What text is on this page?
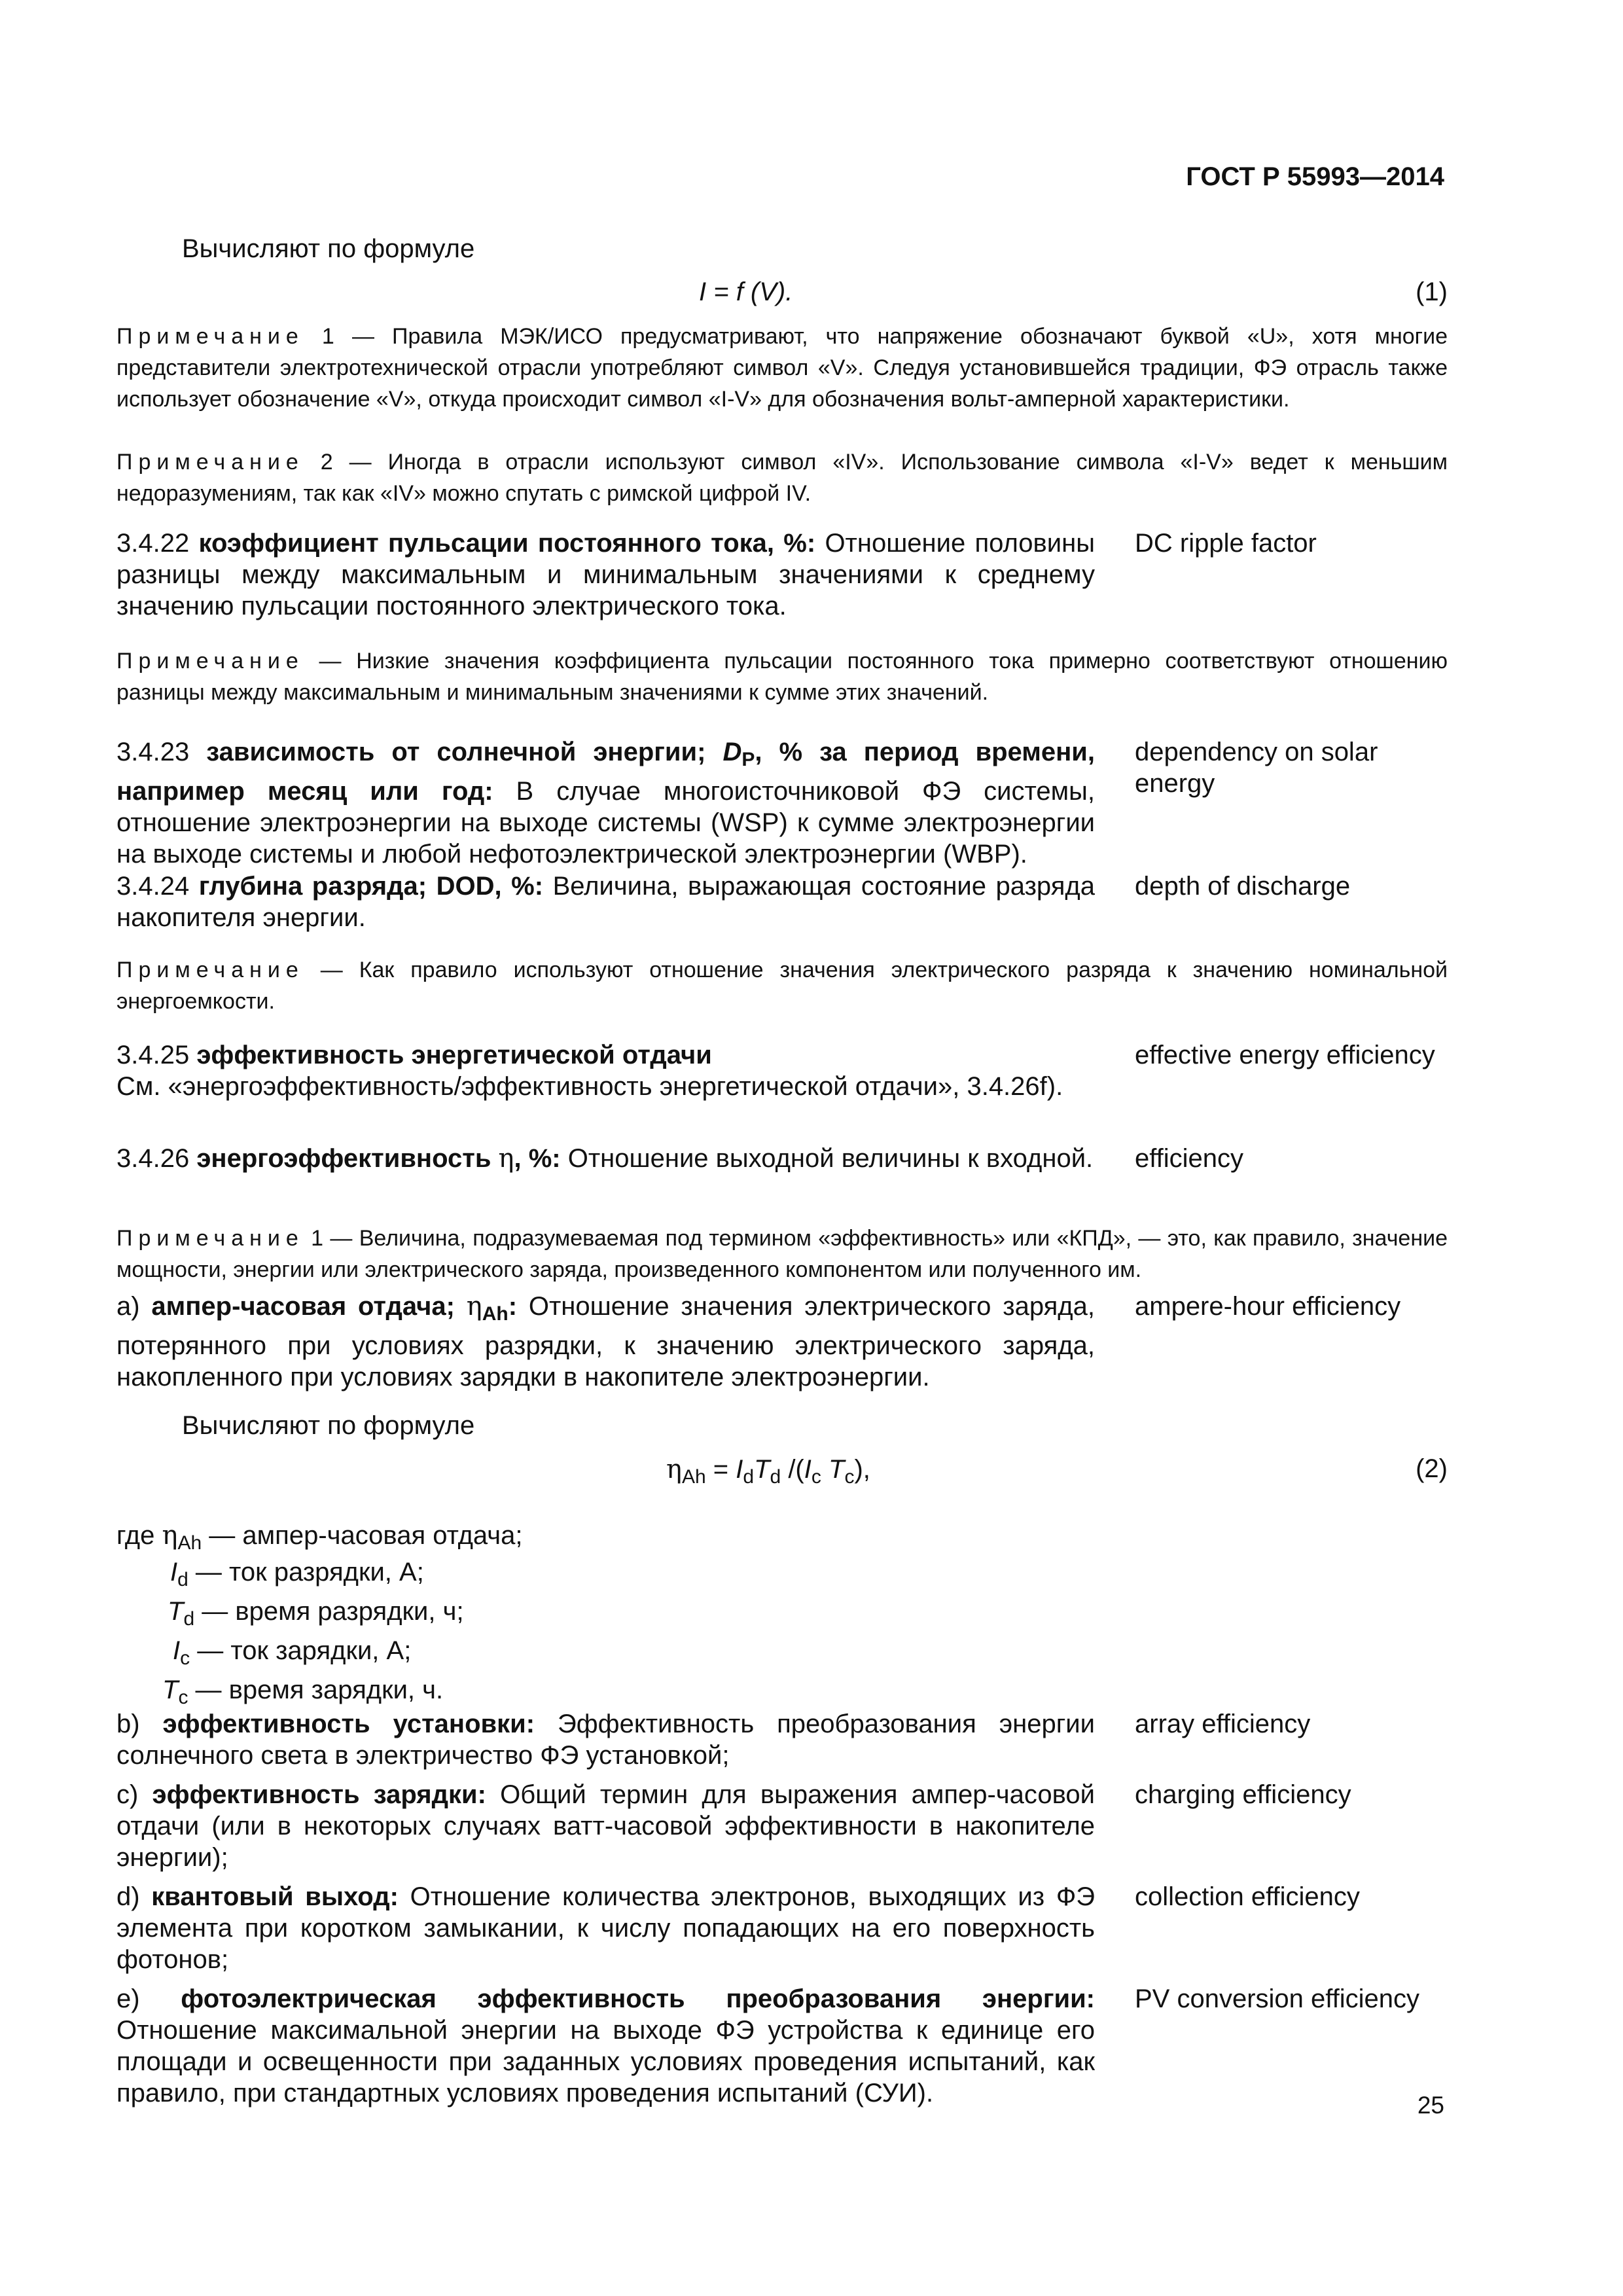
ГОСТ Р 55993—2014
Вычисляют по формуле
I = f (V).	(1)
Примечание 1 — Правила МЭК/ИСО предусматривают, что напряжение обозначают буквой «U», хотя многие представители электротехнической отрасли употребляют символ «V». Следуя установившейся традиции, ФЭ отрасль также использует обозначение «V», откуда происходит символ «I-V» для обозначения вольт-амперной характеристики.
Примечание 2 — Иногда в отрасли используют символ «IV». Использование символа «I-V» ведет к меньшим недоразумениям, так как «IV» можно спутать с римской цифрой IV.
3.4.22 коэффициент пульсации постоянного тока, %: Отношение половины разницы между максимальным и минимальным значениями к среднему значению пульсации постоянного электрического тока.
DC ripple factor
Примечание — Низкие значения коэффициента пульсации постоянного тока примерно соответствуют отношению разницы между максимальным и минимальным значениями к сумме этих значений.
3.4.23 зависимость от солнечной энергии; $D_P$, % за период времени, например месяц или год: В случае многоисточниковой ФЭ системы, отношение электроэнергии на выходе системы (WSP) к сумме электроэнергии на выходе системы и любой нефотоэлектрической электроэнергии (WBP).
dependency on solar
energy
3.4.24 глубина разряда; DOD, %: Величина, выражающая состояние разряда накопителя энергии.
depth of discharge
Примечание — Как правило используют отношение значения электрического разряда к значению номинальной энергоемкости.
3.4.25 эффективность энергетической отдачи
См. «энергоэффективность/эффективность энергетической отдачи», 3.4.26f).
effective energy efficiency
3.4.26 энергоэффективность η, %: Отношение выходной величины к входной. efficiency
Примечание 1 — Величина, подразумеваемая под термином «эффективность» или «КПД», — это, как правило, значение мощности, энергии или электрического заряда, произведенного компонентом или полученного им.
a) ампер-часовая отдача; $\eta_{Ah}$: Отношение значения электрического заряда, потерянного при условиях разрядки, к значению электрического заряда, накопленного при условиях зарядки в накопителе электроэнергии.
ampere-hour efficiency
Вычисляют по формуле
$\eta_{Ah} = I_dT_d$ $/(I_c$ $T_c$),	(2)
где $\eta_{Ah}$ — ампер-часовая отдача;
$I_d$ — ток разрядки, А;
$T_d$ — время разрядки, ч;
$I_c$ — ток зарядки, А;
$T_c$ — время зарядки, ч.
b) эффективность установки: Эффективность преобразования энергии солнечного света в электричество ФЭ установкой;
array efficiency
c) эффективность зарядки: Общий термин для выражения ампер-часовой отдачи (или в некоторых случаях ватт-часовой эффективности в накопителе энергии);
charging efficiency
d) квантовый выход: Отношение количества электронов, выходящих из ФЭ элемента при коротком замыкании, к числу попадающих на его поверхность фотонов;
collection efficiency
e) фотоэлектрическая эффективность преобразования энергии: Отношение максимальной энергии на выходе ФЭ устройства к единице его площади и освещенности при заданных условиях проведения испытаний, как правило, при стандартных условиях проведения испытаний (СУИ).
PV conversion efficiency
25
